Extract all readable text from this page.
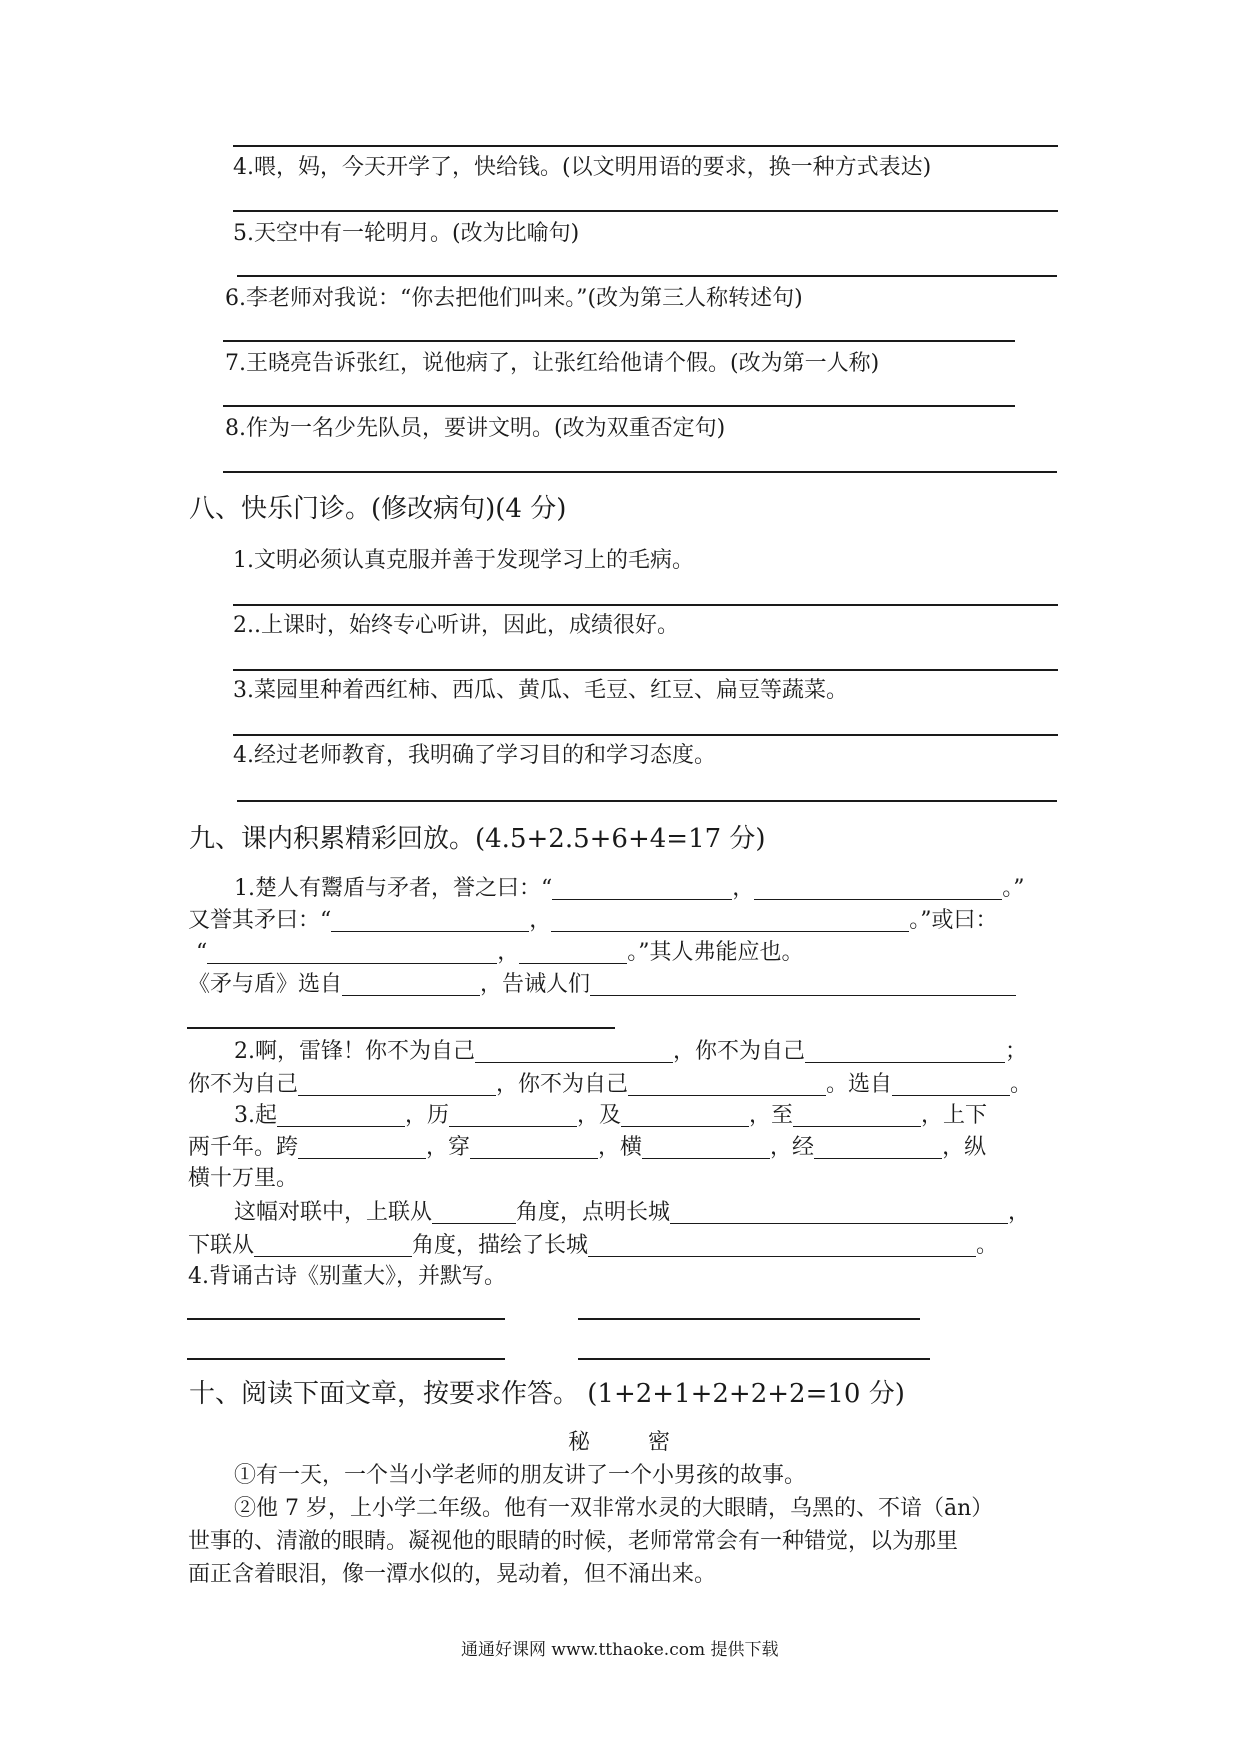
4.喂，妈，今天开学了，快给钱。(以文明用语的要求，换一种方式表达)
5.天空中有一轮明月。(改为比喻句)
6.李老师对我说：“你去把他们叫来。”(改为第三人称转述句)
7.王晓亮告诉张红，说他病了，让张红给他请个假。(改为第一人称)
8.作为一名少先队员，要讲文明。(改为双重否定句)
八、快乐门诊。(修改病句)(4 分)
1.文明必须认真克服并善于发现学习上的毛病。
2..上课时，始终专心听讲，因此，成绩很好。
3.菜园里种着西红柿、西瓜、黄瓜、毛豆、红豆、扁豆等蔬菜。
4.经过老师教育，我明确了学习目的和学习态度。
九、课内积累精彩回放。(4.5+2.5+6+4=17 分)
1.楚人有鬻盾与矛者，誉之曰：“	，	。”
又誉其矛曰：“	，	。”或曰：
“	，	。”其人弗能应也。
《矛与盾》选自	，告诫人们
2.啊，雷锋！你不为自己	，你不为自己	；
你不为自己	，你不为自己	。选自	。
3.起	，历	，及	，至	，上下
两千年。跨	，穿	，横	，经	，纵
横十万里。
这幅对联中，上联从	角度，点明长城	，
下联从	角度，描绘了长城	。
4.背诵古诗《别董大》，并默写。
十、阅读下面文章，按要求作答。 (1+2+1+2+2+2=10 分)
秘	密
①有一天，一个当小学老师的朋友讲了一个小男孩的故事。
②他 7 岁，上小学二年级。他有一双非常水灵的大眼睛，乌黑的、不谙（ān）
世事的、清澈的眼睛。凝视他的眼睛的时候，老师常常会有一种错觉，以为那里
面正含着眼泪，像一潭水似的，晃动着，但不涌出来。
通通好课网 www.tthaoke.com 提供下载
